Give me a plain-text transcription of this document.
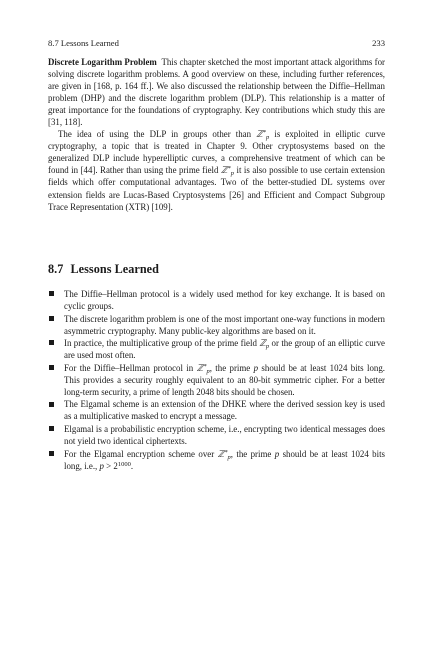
8.7 Lessons Learned	233

Discrete Logarithm Problem This chapter sketched the most important attack algorithms for solving discrete logarithm problems. A good overview on these, including further references, are given in [168, p. 164 ff.]. We also discussed the relationship between the Diffie–Hellman problem (DHP) and the discrete logarithm problem (DLP). This relationship is a matter of great importance for the foundations of cryptography. Key contributions which study this are [31, 118].

The idea of using the DLP in groups other than ℤ*$_p$ is exploited in elliptic curve cryptography, a topic that is treated in Chapter 9. Other cryptosystems based on the generalized DLP include hyperelliptic curves, a comprehensive treatment of which can be found in [44]. Rather than using the prime field ℤ*$_p$ it is also possible to use certain extension fields which offer computational advantages. Two of the better-studied DL systems over extension fields are Lucas-Based Cryptosystems [26] and Efficient and Compact Subgroup Trace Representation (XTR) [109].

8.7 Lessons Learned
The Diffie–Hellman protocol is a widely used method for key exchange. It is based on cyclic groups.
The discrete logarithm problem is one of the most important one-way functions in modern asymmetric cryptography. Many public-key algorithms are based on it.
In practice, the multiplicative group of the prime field ℤ$_p$ or the group of an elliptic curve are used most often.
For the Diffie–Hellman protocol in ℤ*$_p$, the prime p should be at least 1024 bits long. This provides a security roughly equivalent to an 80-bit symmetric cipher. For a better long-term security, a prime of length 2048 bits should be chosen.
The Elgamal scheme is an extension of the DHKE where the derived session key is used as a multiplicative masked to encrypt a message.
Elgamal is a probabilistic encryption scheme, i.e., encrypting two identical messages does not yield two identical ciphertexts.
For the Elgamal encryption scheme over ℤ*$_p$, the prime p should be at least 1024 bits long, i.e., $p > 2^{1000}$.
